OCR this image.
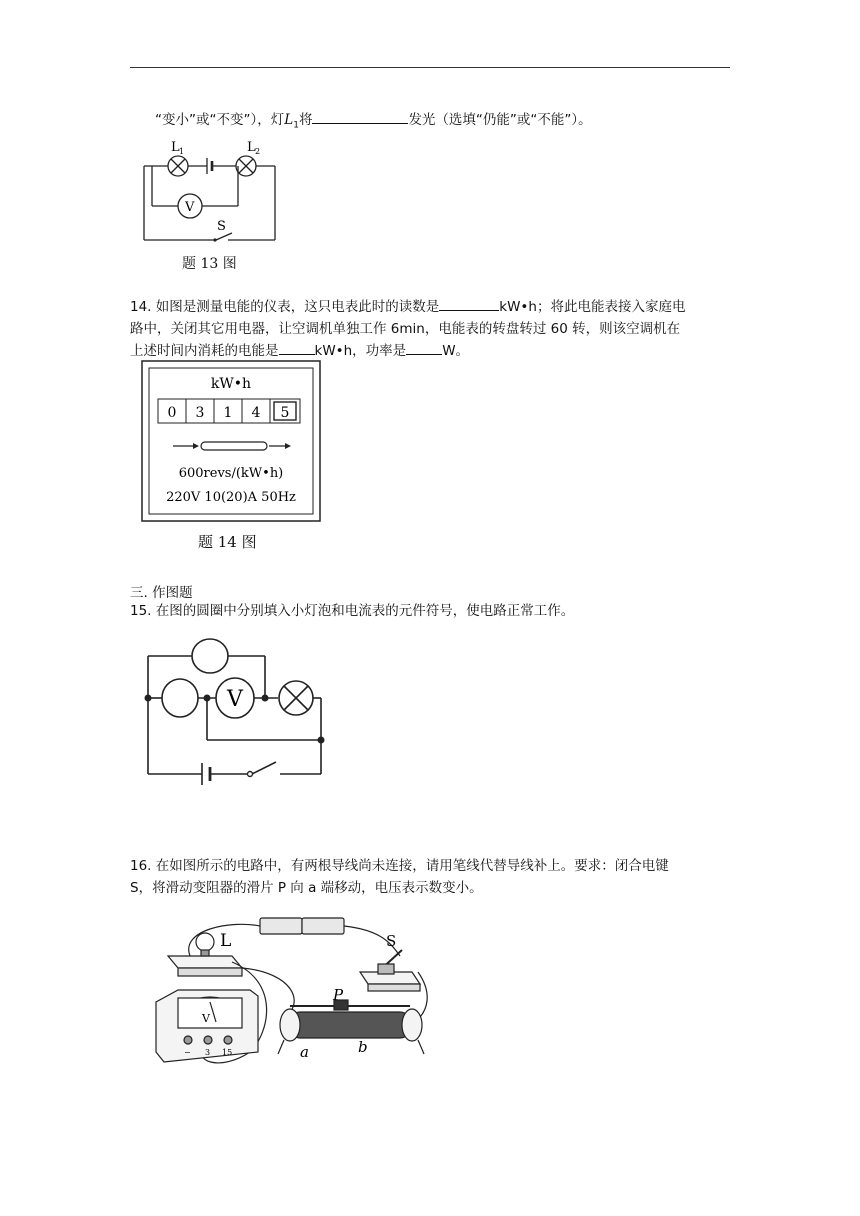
“变小”或“不变”），灯$L_1$将	发光（选填“仍能”或“不能”）。
L 1	L 2
V
S
题 13 图
14. 如图是测量电能的仪表，这只电表此时的读数是	kW•h；将此电能表接入家庭电
路中，关闭其它用电器，让空调机单独工作 6min，电能表的转盘转过 60 转，则该空调机在
上述时间内消耗的电能是	kW•h，功率是	W。
kW•h
0 3 1 4 5
600revs/(kW•h)
220V 10(20)A 50Hz
题 14 图
三. 作图题
15. 在图的圆圈中分别填入小灯泡和电流表的元件符号，使电路正常工作。
V
16. 在如图所示的电路中，有两根导线尚未连接，请用笔线代替导线补上。要求：闭合电键
S，将滑动变阻器的滑片 P 向 a 端移动，电压表示数变小。
L	S
P
a	b
V
− 3 15
